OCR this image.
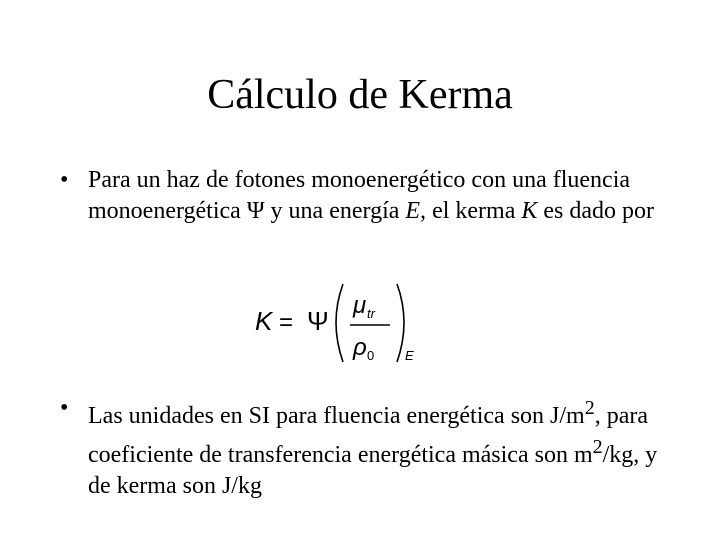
Cálculo de Kerma
• Para un haz de fotones monoenergético con una fluencia monoenergética Ψ y una energía E, el kerma K es dado por
K = Ψ
μ tr
ρ 0 E
• Las unidades en SI para fluencia energética son $J/m^2$, para coeficiente de transferencia energética másica son $m^2/kg$, y de kerma son J/kg
